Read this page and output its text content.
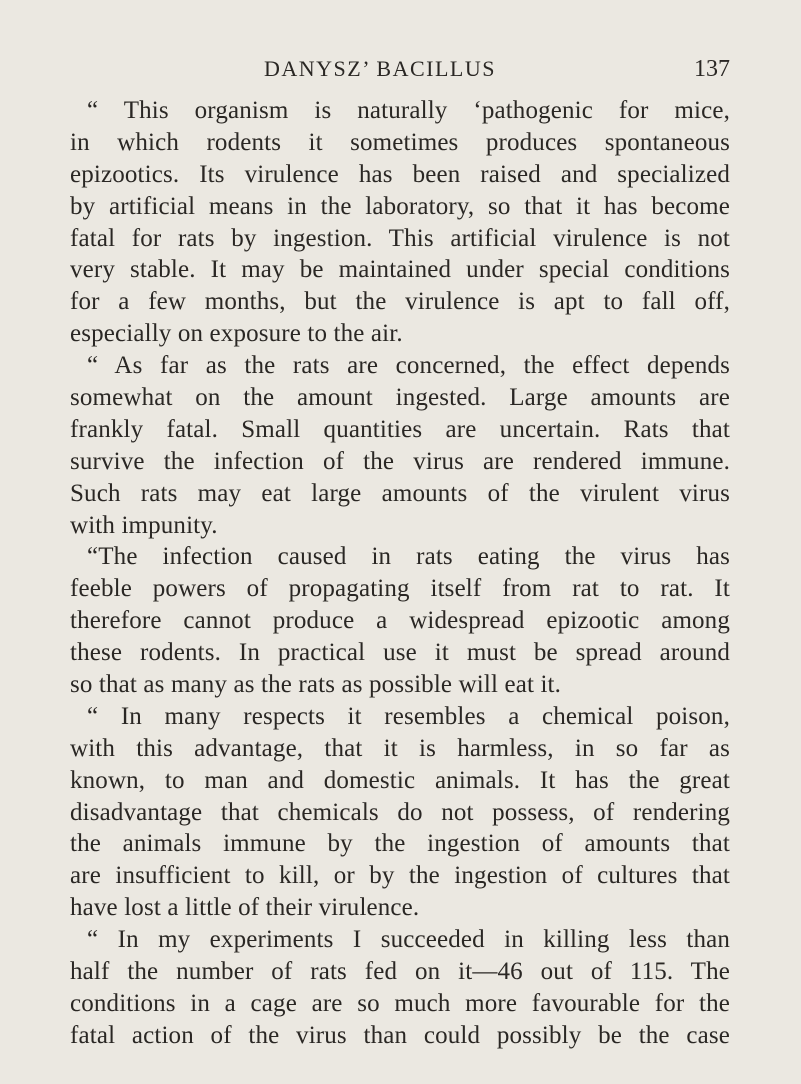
DANYSZ’ BACILLUS	137
“ This organism is naturally ‘pathogenic for mice,
in which rodents it sometimes produces spontaneous
epizootics. Its virulence has been raised and specialized
by artificial means in the laboratory, so that it has become
fatal for rats by ingestion. This artificial virulence is not
very stable. It may be maintained under special conditions
for a few months, but the virulence is apt to fall off,
especially on exposure to the air.
“ As far as the rats are concerned, the effect depends
somewhat on the amount ingested. Large amounts are
frankly fatal. Small quantities are uncertain. Rats that
survive the infection of the virus are rendered immune.
Such rats may eat large amounts of the virulent virus
with impunity.
“The infection caused in rats eating the virus has
feeble powers of propagating itself from rat to rat. It
therefore cannot produce a widespread epizootic among
these rodents. In practical use it must be spread around
so that as many as the rats as possible will eat it.
“ In many respects it resembles a chemical poison,
with this advantage, that it is harmless, in so far as
known, to man and domestic animals. It has the great
disadvantage that chemicals do not possess, of rendering
the animals immune by the ingestion of amounts that
are insufficient to kill, or by the ingestion of cultures that
have lost a little of their virulence.
“ In my experiments I succeeded in killing less than
half the number of rats fed on it—46 out of 115. The
conditions in a cage are so much more favourable for the
fatal action of the virus than could possibly be the case
